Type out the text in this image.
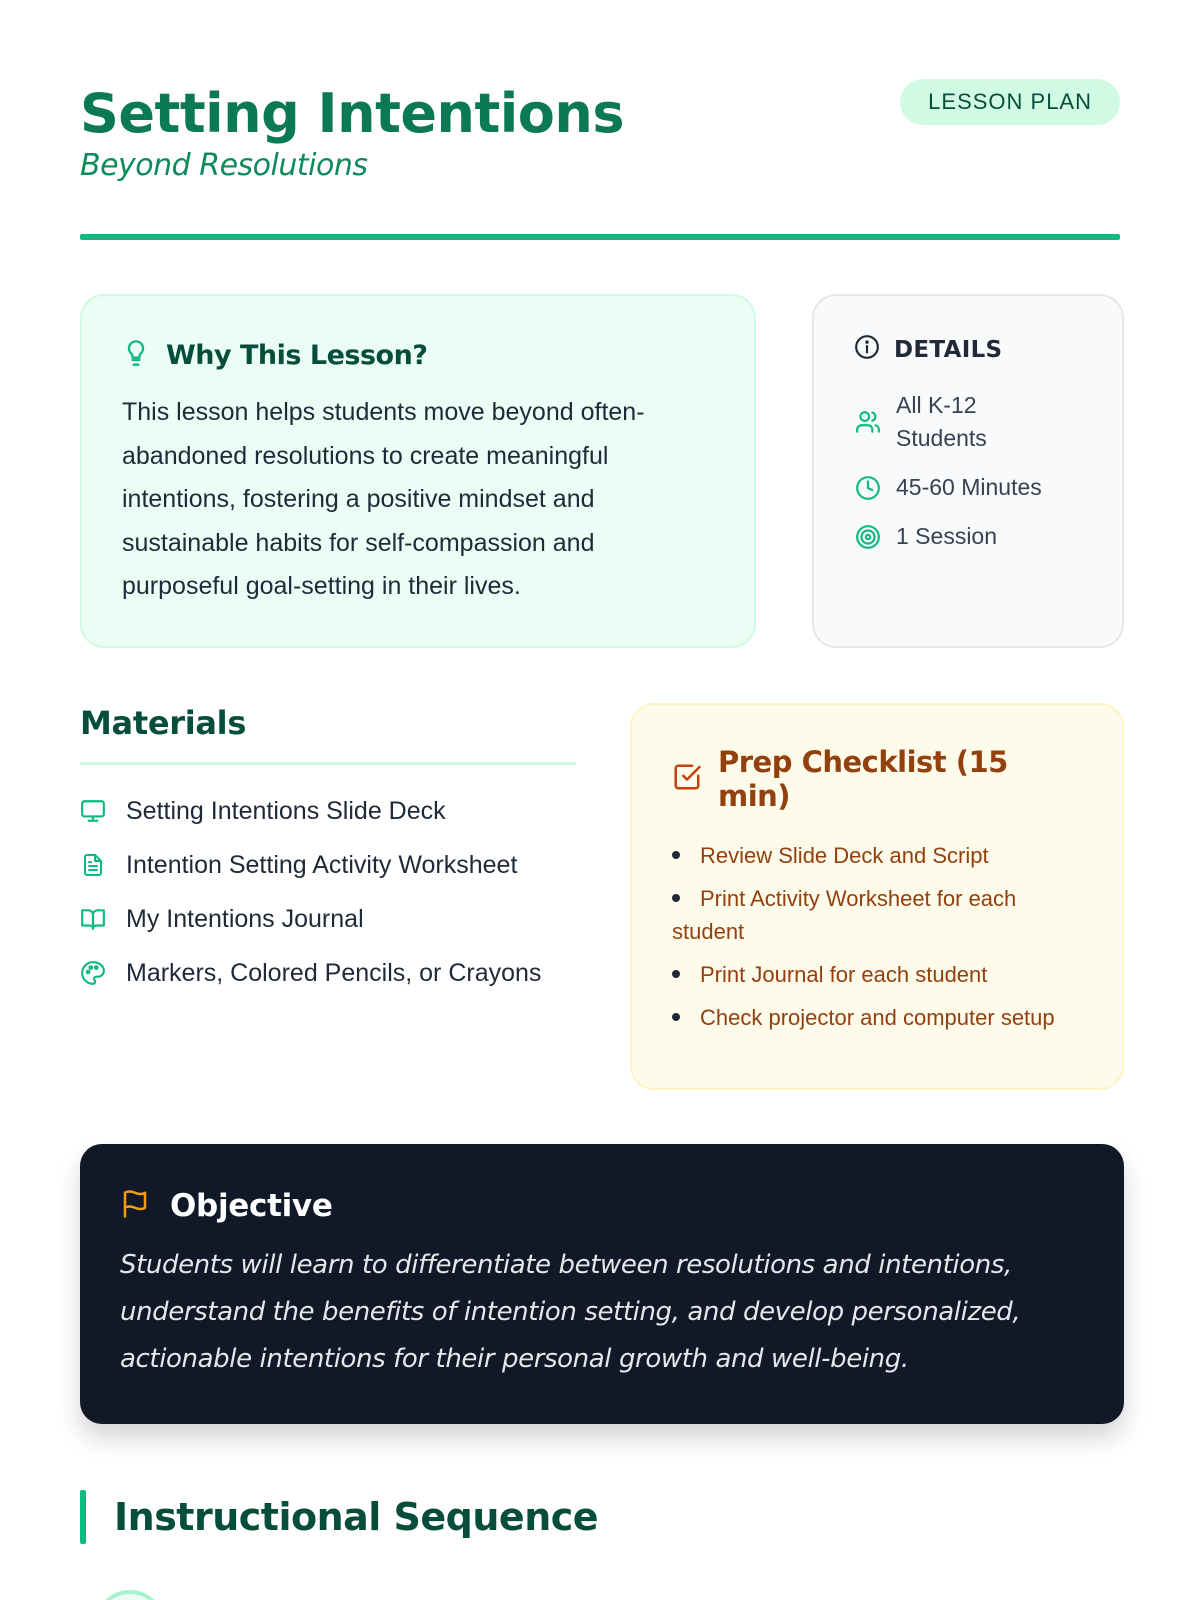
Setting Intentions
Beyond Resolutions
LESSON PLAN
Why This Lesson?

This lesson helps students move beyond often-abandoned resolutions to create meaningful intentions, fostering a positive mindset and sustainable habits for self-compassion and purposeful goal-setting in their lives.

DETAILS
All K-12 Students
45-60 Minutes
1 Session
Materials
Setting Intentions Slide Deck
Intention Setting Activity Worksheet
My Intentions Journal
Markers, Colored Pencils, or Crayons
Prep Checklist (15 min)
Review Slide Deck and Script
Print Activity Worksheet for each student
Print Journal for each student
Check projector and computer setup
Objective

Students will learn to differentiate between resolutions and intentions, understand the benefits of intention setting, and develop personalized, actionable intentions for their personal growth and well-being.

Instructional Sequence
